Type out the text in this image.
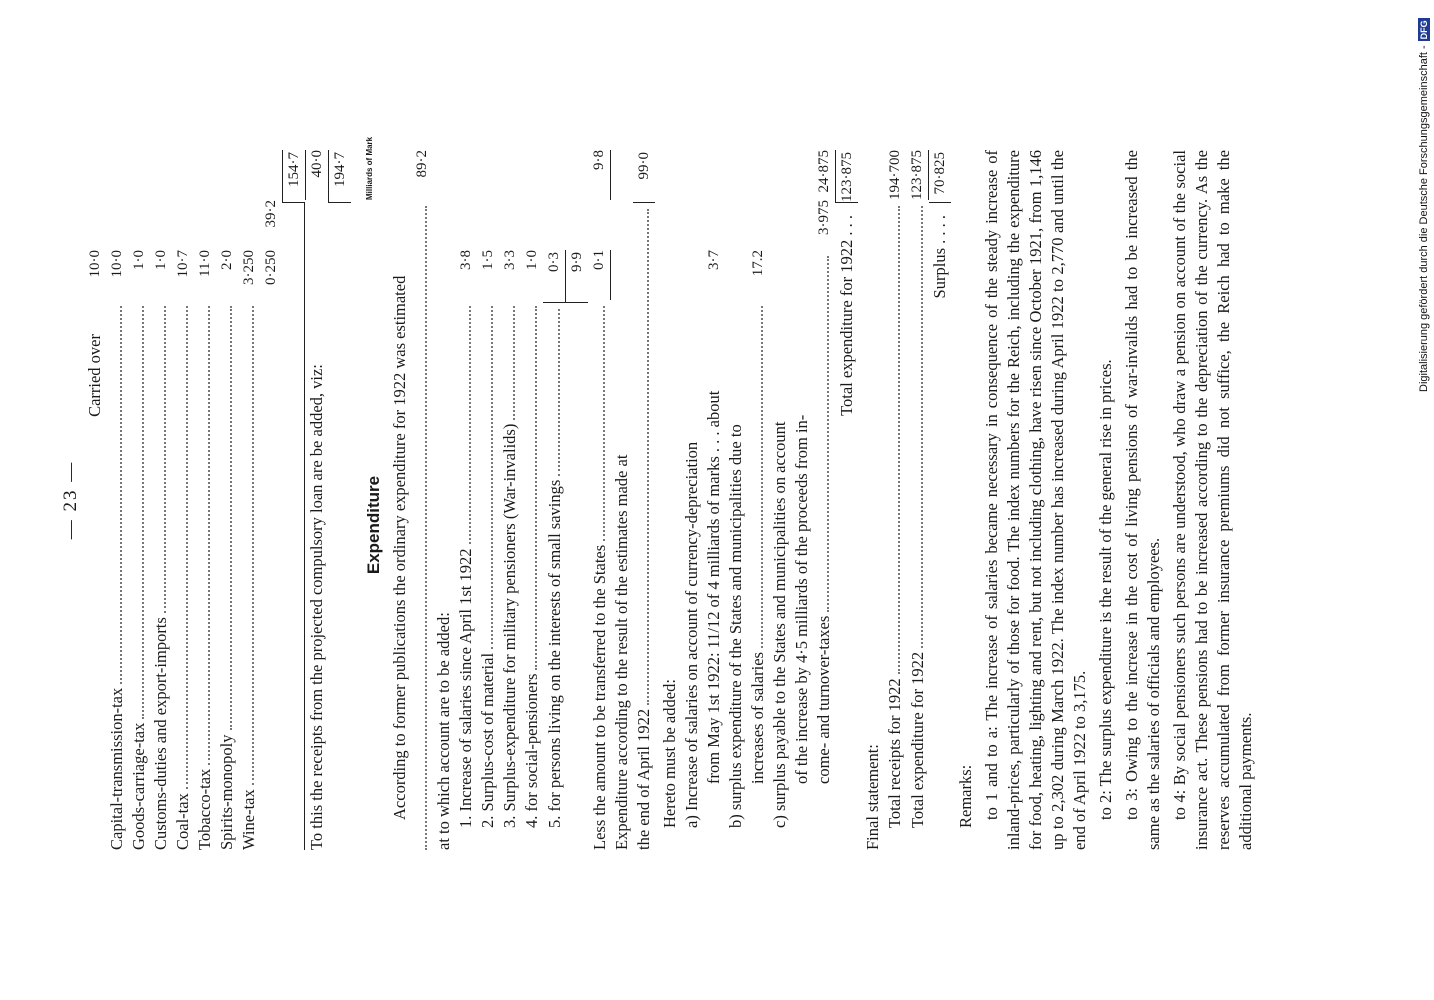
— 23 —
Carried over
10·0
Capital-transmission-tax
10·0
Goods-carriage-tax
1·0
Customs-duties and export-imports
1·0
Coal-tax
10·7
Tobacco-tax
11·0
Spirits-monopoly
2·0
Wine-tax
3·250 0·250
39·2
154·7
To this the receipts from the projected compulsory loan are be added, viz:
40·0 194·7
Expenditure
Milliards of Mark

According to former publications the ordinary expenditure for 1922 was estimated

89·2
at to which account are to be added: 1. Increase of salaries since April 1st 1922
3·8
2. Surplus-cost of material
1·5
3. Surplus-expenditure for military pensioners (War-invalids)
3·3
4. for social-pensioners
1·0
5. for persons living on the interests of small savings
0·3 9·9
Less the amount to be transferred to the States
0·1
9·8
Expenditure according to the result of the estimates made at the end of April 1922
99·0
Hereto must be added: a) Increase of salaries on account of currency-depreciation from May 1st 1922:
11/12
of 4 milliards of marks . . . about
3·7
b) surplus expenditure of the States and municipalities due to increases of salaries
17.2
c) surplus payable to the States and municipalities on account of the increase by 4·5 milliards of the proceeds from in- come- and turnover-taxes
3·975
24·875
Total expenditure for 1922 . . .
123·875
Final statement: Total receipts for 1922
194·700
Total expenditure for 1922
123·875
Surplus . . . .
70·825
Remarks: to 1 and to a: The increase of salaries became necessary in consequence of the steady increase of inland-prices, particularly of those for food. The index numbers for the Reich, including the expenditure for food, heating, lighting and rent, but not including clothing, have risen since October 1921, from 1,146 up to 2,302 during March 1922. The index number has increased during April 1922 to 2,770 and until the end of April 1922 to 3,175. to 2: The surplus expenditure is the result of the general rise in prices. to 3: Owing to the increase in the cost of living pensions of war-invalids had to be increased the same as the salaries of officials and employees. to 4: By social pensioners such persons are understood, who draw a pension on account of the social insurance act. These pensions had to be increased according to the depreciation of the currency. As the reserves accumulated from former insurance premiums did not suffice, the Reich had to make the additional payments.

Digitalisierung gefördert durch die Deutsche Forschungsgemeinschaft -DFG
